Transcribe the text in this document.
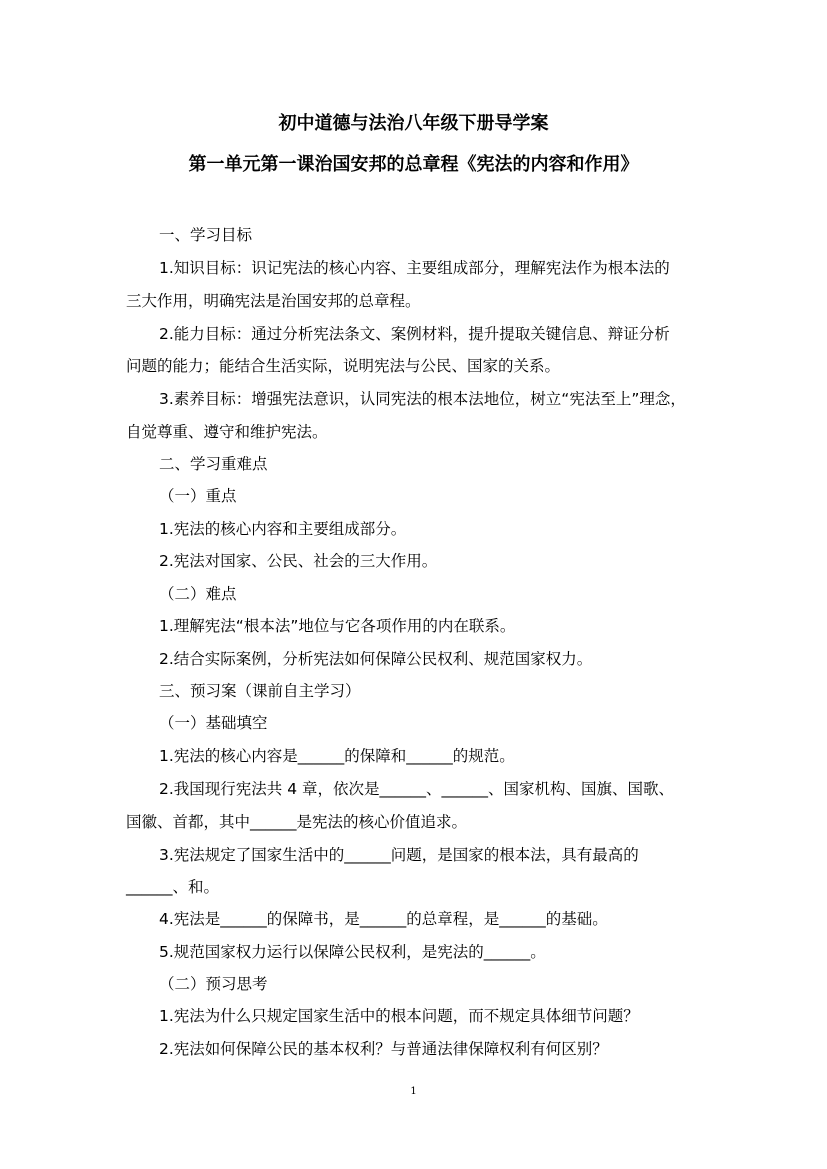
初中道德与法治八年级下册导学案
第一单元第一课治国安邦的总章程《宪法的内容和作用》

一、学习目标

1.知识目标：识记宪法的核心内容、主要组成部分，理解宪法作为根本法的

三大作用，明确宪法是治国安邦的总章程。

2.能力目标：通过分析宪法条文、案例材料，提升提取关键信息、辩证分析

问题的能力；能结合生活实际，说明宪法与公民、国家的关系。

3.素养目标：增强宪法意识，认同宪法的根本法地位，树立“宪法至上”理念，

自觉尊重、遵守和维护宪法。

二、学习重难点

（一）重点

1.宪法的核心内容和主要组成部分。

2.宪法对国家、公民、社会的三大作用。

（二）难点

1.理解宪法“根本法”地位与它各项作用的内在联系。

2.结合实际案例，分析宪法如何保障公民权利、规范国家权力。

三、预习案（课前自主学习）

（一）基础填空

1.宪法的核心内容是______的保障和______的规范。

2.我国现行宪法共 4 章，依次是______、______、国家机构、国旗、国歌、

国徽、首都，其中______是宪法的核心价值追求。

3.宪法规定了国家生活中的______问题，是国家的根本法，具有最高的

______、和。

4.宪法是______的保障书，是______的总章程，是______的基础。

5.规范国家权力运行以保障公民权利，是宪法的______。

（二）预习思考

1.宪法为什么只规定国家生活中的根本问题，而不规定具体细节问题？

2.宪法如何保障公民的基本权利？与普通法律保障权利有何区别？

1
